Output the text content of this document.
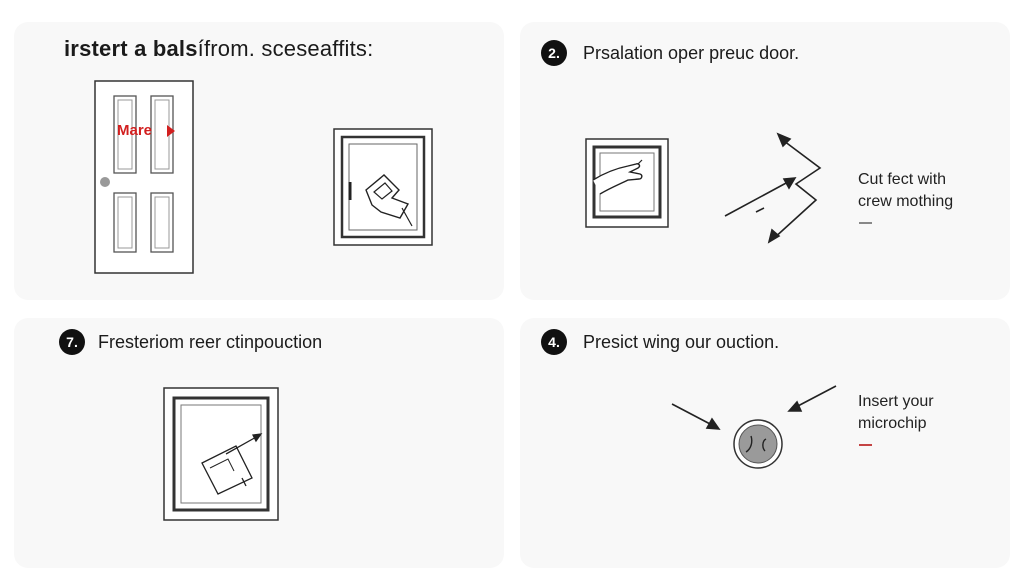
irstert a balsífrom. sceseaffits:
Mare
2.	Prsalation oper preuc door.
Cut fect with
crew mothing
7.	Fresteriom reer ctinpouction	4.	Presict wing our ouction.
Insert your
microchip
